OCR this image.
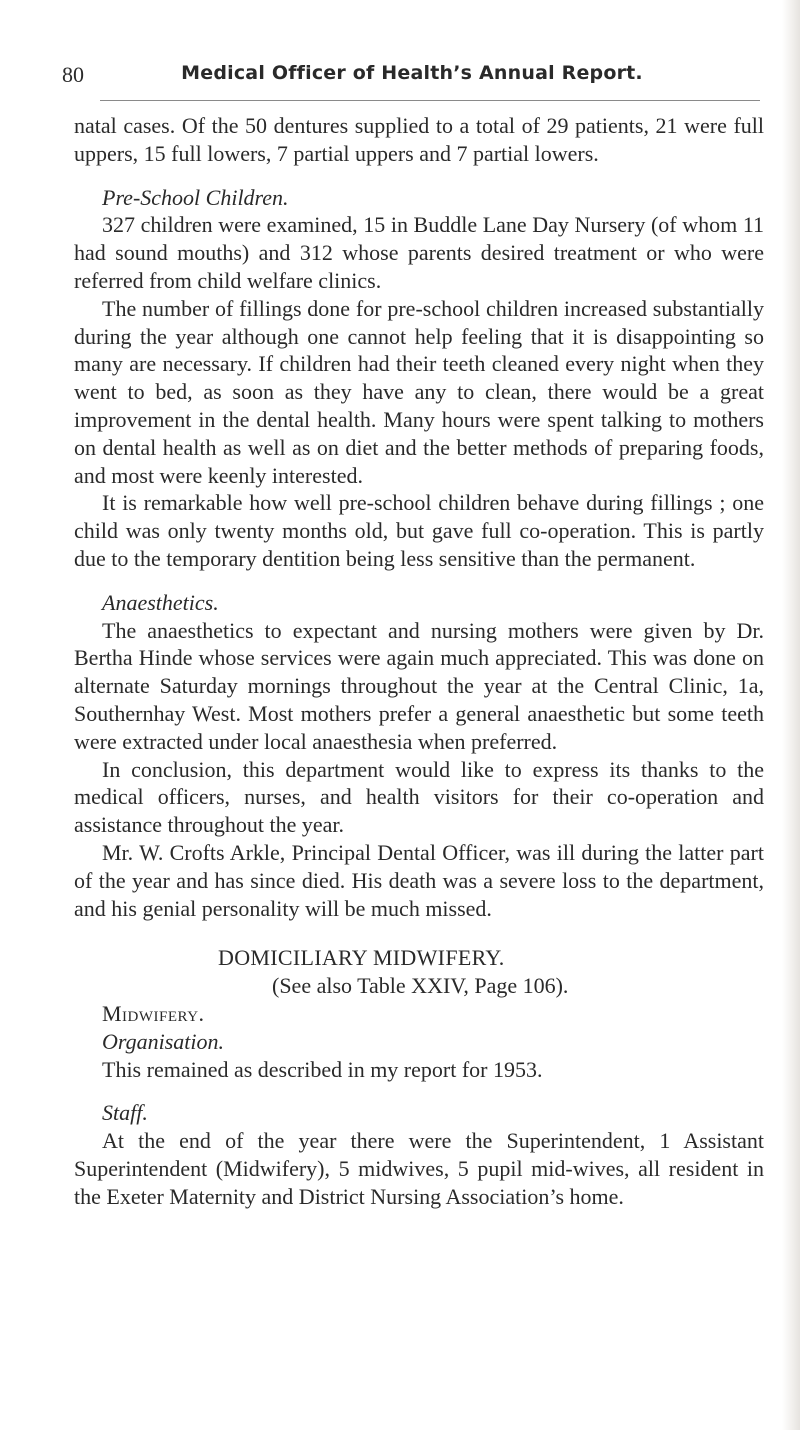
80	Medical Officer of Health’s Annual Report.

natal cases. Of the 50 dentures supplied to a total of 29 patients, 21 were full uppers, 15 full lowers, 7 partial uppers and 7 partial lowers.

Pre-School Children.

327 children were examined, 15 in Buddle Lane Day Nursery (of whom 11 had sound mouths) and 312 whose parents desired treatment or who were referred from child welfare clinics.

The number of fillings done for pre-school children increased substantially during the year although one cannot help feeling that it is disappointing so many are necessary. If children had their teeth cleaned every night when they went to bed, as soon as they have any to clean, there would be a great improvement in the dental health. Many hours were spent talking to mothers on dental health as well as on diet and the better methods of preparing foods, and most were keenly interested.

It is remarkable how well pre-school children behave during fillings ; one child was only twenty months old, but gave full co-operation. This is partly due to the temporary dentition being less sensitive than the permanent.

Anaesthetics.

The anaesthetics to expectant and nursing mothers were given by Dr. Bertha Hinde whose services were again much appreciated. This was done on alternate Saturday mornings throughout the year at the Central Clinic, 1a, Southernhay West. Most mothers prefer a general anaesthetic but some teeth were extracted under local anaesthesia when preferred.

In conclusion, this department would like to express its thanks to the medical officers, nurses, and health visitors for their co-operation and assistance throughout the year.

Mr. W. Crofts Arkle, Principal Dental Officer, was ill during the latter part of the year and has since died. His death was a severe loss to the department, and his genial personality will be much missed.

DOMICILIARY MIDWIFERY.

(See also Table XXIV, Page 106).

Midwifery.

Organisation.

This remained as described in my report for 1953.

Staff.

At the end of the year there were the Superintendent, 1 Assistant Superintendent (Midwifery), 5 midwives, 5 pupil mid-wives, all resident in the Exeter Maternity and District Nursing Association’s home.
